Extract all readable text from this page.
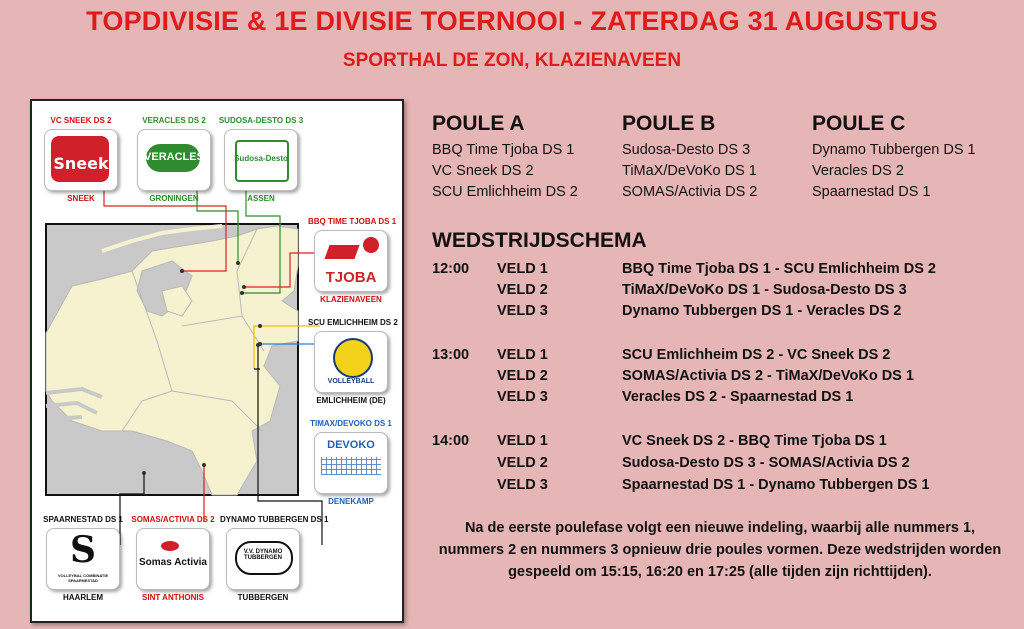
TOPDIVISIE & 1E DIVISIE TOERNOOI - ZATERDAG 31 AUGUSTUS
SPORTHAL DE ZON, KLAZIENAVEEN
VC SNEEK DS 2
Sneek
SNEEK
VERACLES DS 2
VERACLES
GRONINGEN
SUDOSA-DESTO DS 3
Sudosa-Desto
ASSEN
BBQ TIME TJOBA DS 1
TJOBA
KLAZIENAVEEN
SCU EMLICHHEIM DS 2
VOLLEYBALL
EMLICHHEIM (DE)
TIMAX/DEVOKO DS 1
DEVOKO
DENEKAMP
SPAARNESTAD DS 1
S
VOLLEYBAL COMBINATIE SPAARNESTAD
HAARLEM
SOMAS/ACTIVIA DS 2
Somas Activia
SINT ANTHONIS
DYNAMO TUBBERGEN DS 1
V.V. DYNAMO TUBBERGEN
TUBBERGEN
POULE A
BBQ Time Tjoba DS 1
VC Sneek DS 2
SCU Emlichheim DS 2
POULE B
Sudosa-Desto DS 3
TiMaX/DeVoKo DS 1
SOMAS/Activia DS 2
POULE C
Dynamo Tubbergen DS 1
Veracles DS 2
Spaarnestad DS 1
WEDSTRIJDSCHEMA
12:00 VELD 1	BBQ Time Tjoba DS 1 - SCU Emlichheim DS 2
VELD 2	TiMaX/DeVoKo DS 1 - Sudosa-Desto DS 3
VELD 3	Dynamo Tubbergen DS 1 - Veracles DS 2
13:00 VELD 1	SCU Emlichheim DS 2 - VC Sneek DS 2
VELD 2	SOMAS/Activia DS 2 - TiMaX/DeVoKo DS 1
VELD 3	Veracles DS 2 - Spaarnestad DS 1
14:00 VELD 1	VC Sneek DS 2 - BBQ Time Tjoba DS 1
VELD 2	Sudosa-Desto DS 3 - SOMAS/Activia DS 2
VELD 3	Spaarnestad DS 1 - Dynamo Tubbergen DS 1
Na de eerste poulefase volgt een nieuwe indeling, waarbij alle nummers 1, nummers 2 en nummers 3 opnieuw drie poules vormen. Deze wedstrijden worden gespeeld om 15:15, 16:20 en 17:25 (alle tijden zijn richttijden).
